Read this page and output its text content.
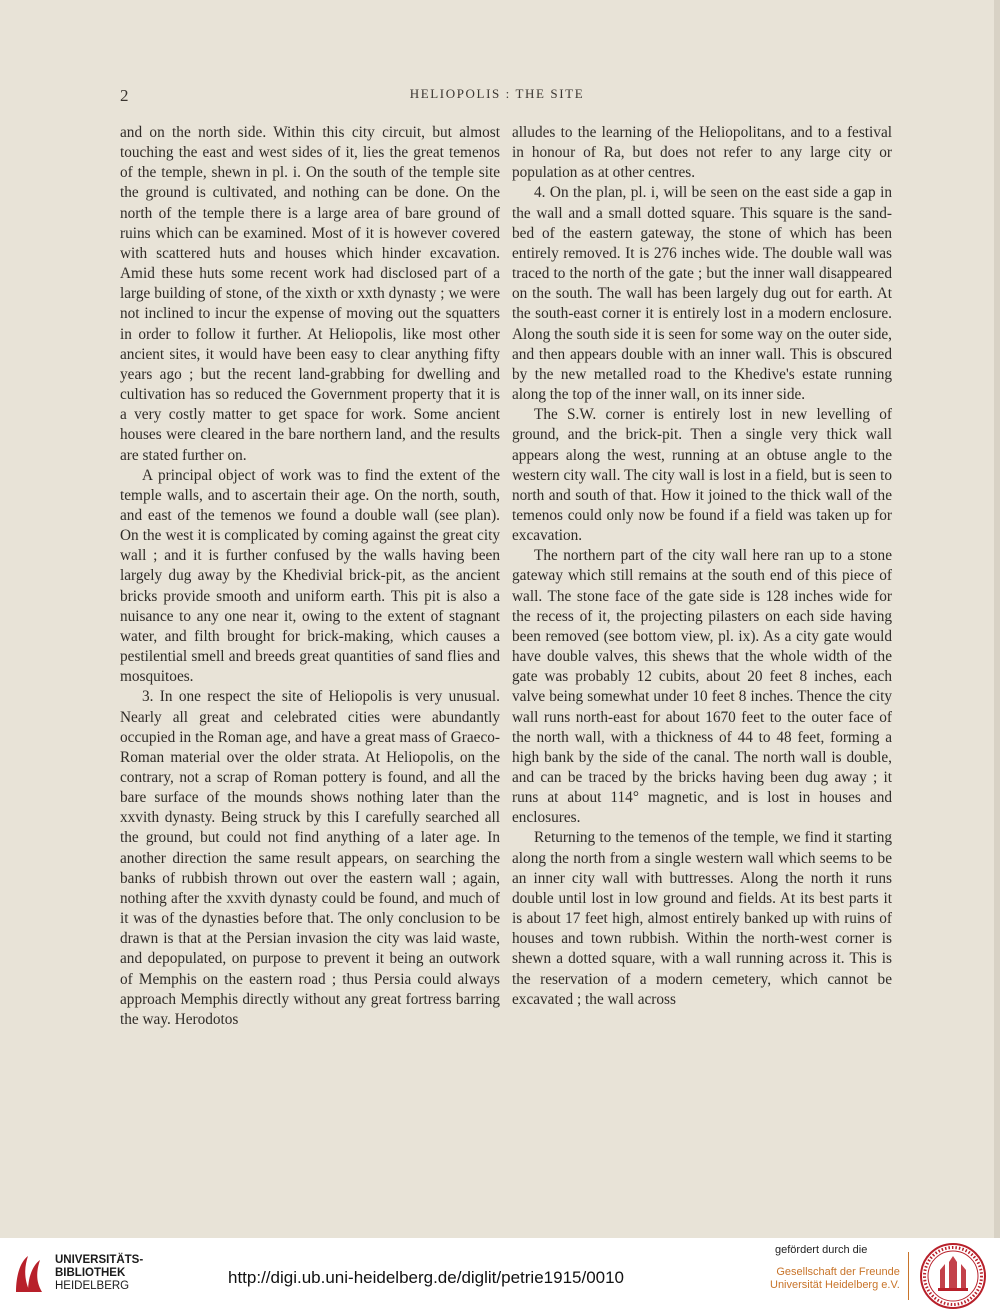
2	HELIOPOLIS : THE SITE

and on the north side. Within this city circuit, but almost touching the east and west sides of it, lies the great temenos of the temple, shewn in pl. i. On the south of the temple site the ground is cultivated, and nothing can be done. On the north of the temple there is a large area of bare ground of ruins which can be examined. Most of it is however covered with scattered huts and houses which hinder excavation. Amid these huts some recent work had disclosed part of a large building of stone, of the xixth or xxth dynasty ; we were not inclined to incur the expense of moving out the squatters in order to follow it further. At Heliopolis, like most other ancient sites, it would have been easy to clear anything fifty years ago ; but the recent land-grabbing for dwelling and cultivation has so reduced the Government property that it is a very costly matter to get space for work. Some ancient houses were cleared in the bare northern land, and the results are stated further on.

A principal object of work was to find the extent of the temple walls, and to ascertain their age. On the north, south, and east of the temenos we found a double wall (see plan). On the west it is complicated by coming against the great city wall ; and it is further confused by the walls having been largely dug away by the Khedivial brick-pit, as the ancient bricks provide smooth and uniform earth. This pit is also a nuisance to any one near it, owing to the extent of stagnant water, and filth brought for brick-making, which causes a pestilential smell and breeds great quantities of sand flies and mosquitoes.

3. In one respect the site of Heliopolis is very unusual. Nearly all great and celebrated cities were abundantly occupied in the Roman age, and have a great mass of Graeco-Roman material over the older strata. At Heliopolis, on the contrary, not a scrap of Roman pottery is found, and all the bare surface of the mounds shows nothing later than the xxvith dynasty. Being struck by this I carefully searched all the ground, but could not find anything of a later age. In another direction the same result appears, on searching the banks of rubbish thrown out over the eastern wall ; again, nothing after the xxvith dynasty could be found, and much of it was of the dynasties before that. The only conclusion to be drawn is that at the Persian invasion the city was laid waste, and depopulated, on purpose to prevent it being an outwork of Memphis on the eastern road ; thus Persia could always approach Memphis directly without any great fortress barring the way. Herodotos

alludes to the learning of the Heliopolitans, and to a festival in honour of Ra, but does not refer to any large city or population as at other centres.

4. On the plan, pl. i, will be seen on the east side a gap in the wall and a small dotted square. This square is the sand-bed of the eastern gateway, the stone of which has been entirely removed. It is 276 inches wide. The double wall was traced to the north of the gate ; but the inner wall disappeared on the south. The wall has been largely dug out for earth. At the south-east corner it is entirely lost in a modern enclosure. Along the south side it is seen for some way on the outer side, and then appears double with an inner wall. This is obscured by the new metalled road to the Khedive's estate running along the top of the inner wall, on its inner side.

The S.W. corner is entirely lost in new levelling of ground, and the brick-pit. Then a single very thick wall appears along the west, running at an obtuse angle to the western city wall. The city wall is lost in a field, but is seen to north and south of that. How it joined to the thick wall of the temenos could only now be found if a field was taken up for excavation.

The northern part of the city wall here ran up to a stone gateway which still remains at the south end of this piece of wall. The stone face of the gate side is 128 inches wide for the recess of it, the projecting pilasters on each side having been removed (see bottom view, pl. ix). As a city gate would have double valves, this shews that the whole width of the gate was probably 12 cubits, about 20 feet 8 inches, each valve being somewhat under 10 feet 8 inches. Thence the city wall runs north-east for about 1670 feet to the outer face of the north wall, with a thickness of 44 to 48 feet, forming a high bank by the side of the canal. The north wall is double, and can be traced by the bricks having been dug away ; it runs at about 114° magnetic, and is lost in houses and enclosures.

Returning to the temenos of the temple, we find it starting along the north from a single western wall which seems to be an inner city wall with buttresses. Along the north it runs double until lost in low ground and fields. At its best parts it is about 17 feet high, almost entirely banked up with ruins of houses and town rubbish. Within the north-west corner is shewn a dotted square, with a wall running across it. This is the reservation of a modern cemetery, which cannot be excavated ; the wall across

UNIVERSITÄTS-
BIBLIOTHEK
HEIDELBERG	http://digi.ub.uni-heidelberg.de/diglit/petrie1915/0010

gefördert durch die

Gesellschaft der Freunde
Universität Heidelberg e.V.
